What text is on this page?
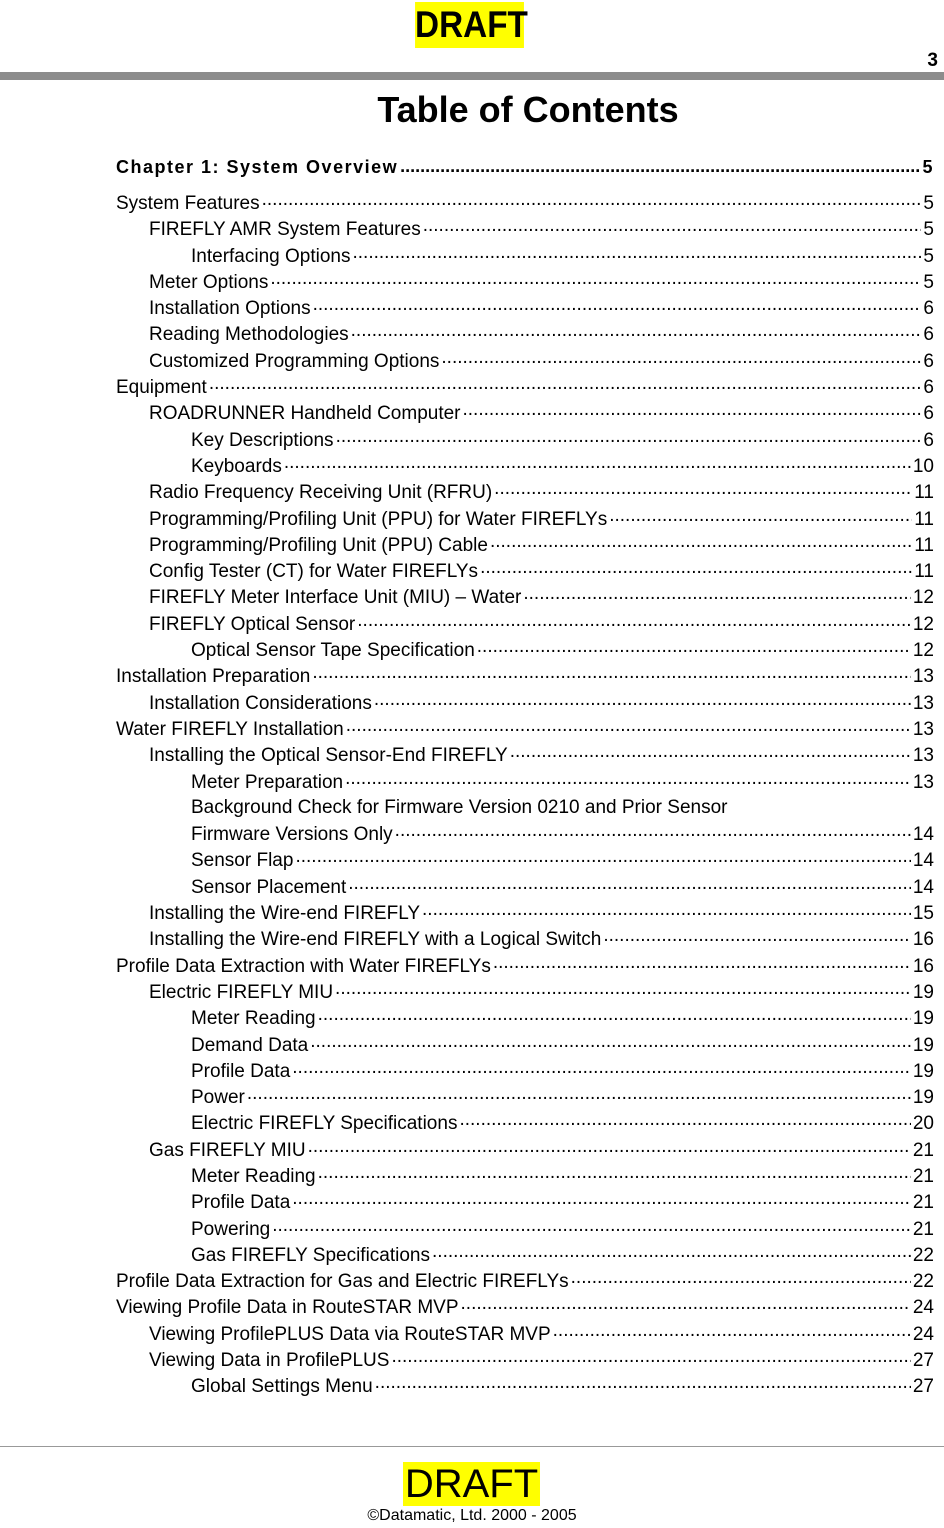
DRAFT
3
Table of Contents
Chapter 1: System Overview .....	5
System Features .....	5
FIREFLY AMR System Features .....	5
Interfacing Options .....	5
Meter Options .....	5
Installation Options .....	6
Reading Methodologies .....	6
Customized Programming Options .....	6
Equipment .....	6
ROADRUNNER Handheld Computer .....	6
Key Descriptions .....	6
Keyboards .....	10
Radio Frequency Receiving Unit (RFRU) .....	11
Programming/Profiling Unit (PPU) for Water FIREFLYs .....	11
Programming/Profiling Unit (PPU) Cable .....	11
Config Tester (CT) for Water FIREFLYs .....	11
FIREFLY Meter Interface Unit (MIU) – Water .....	12
FIREFLY Optical Sensor .....	12
Optical Sensor Tape Specification .....	12
Installation Preparation .....	13
Installation Considerations .....	13
Water FIREFLY Installation .....	13
Installing the Optical Sensor-End FIREFLY .....	13
Meter Preparation .....	13
Background Check for Firmware Version 0210 and Prior Sensor
Firmware Versions Only .....	14
Sensor Flap .....	14
Sensor Placement .....	14
Installing the Wire-end FIREFLY .....	15
Installing the Wire-end FIREFLY with a Logical Switch .....	16
Profile Data Extraction with Water FIREFLYs .....	16
Electric FIREFLY MIU .....	19
Meter Reading .....	19
Demand Data .....	19
Profile Data .....	19
Power .....	19
Electric FIREFLY Specifications .....	20
Gas FIREFLY MIU .....	21
Meter Reading .....	21
Profile Data .....	21
Powering .....	21
Gas FIREFLY Specifications .....	22
Profile Data Extraction for Gas and Electric FIREFLYs .....	22
Viewing Profile Data in RouteSTAR MVP .....	24
Viewing ProfilePLUS Data via RouteSTAR MVP .....	24
Viewing Data in ProfilePLUS .....	27
Global Settings Menu .....	27
DRAFT
©Datamatic, Ltd. 2000 - 2005
